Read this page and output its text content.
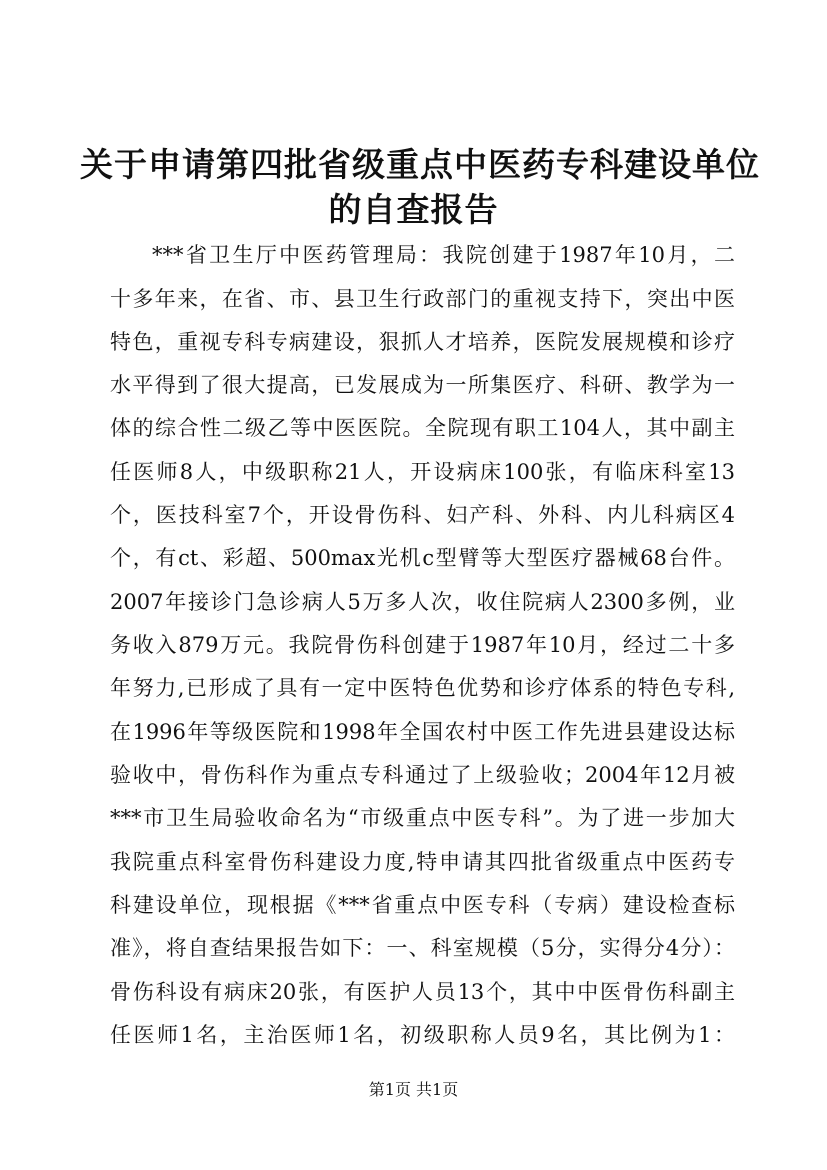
关于申请第四批省级重点中医药专科建设单位
的自查报告
***省卫生厅中医药管理局：我院创建于1987年10月，二
十多年来，在省、市、县卫生行政部门的重视支持下，突出中医
特色，重视专科专病建设，狠抓人才培养，医院发展规模和诊疗
水平得到了很大提高，已发展成为一所集医疗、科研、教学为一
体的综合性二级乙等中医医院。全院现有职工104人，其中副主
任医师8人，中级职称21人，开设病床100张，有临床科室13
个，医技科室7个，开设骨伤科、妇产科、外科、内儿科病区4
个，有ct、彩超、500max光机c型臂等大型医疗器械68台件。
2007年接诊门急诊病人5万多人次，收住院病人2300多例，业
务收入879万元。我院骨伤科创建于1987年10月，经过二十多
年努力,已形成了具有一定中医特色优势和诊疗体系的特色专科,
在1996年等级医院和1998年全国农村中医工作先进县建设达标
验收中，骨伤科作为重点专科通过了上级验收；2004年12月被
***市卫生局验收命名为“市级重点中医专科”。为了进一步加大
我院重点科室骨伤科建设力度,特申请其四批省级重点中医药专
科建设单位，现根据《***省重点中医专科（专病）建设检查标
准》，将自查结果报告如下：一、科室规模（5分，实得分4分）：
骨伤科设有病床20张，有医护人员13个，其中中医骨伤科副主
任医师1名，主治医师1名，初级职称人员9名，其比例为1：
第1页 共1页
